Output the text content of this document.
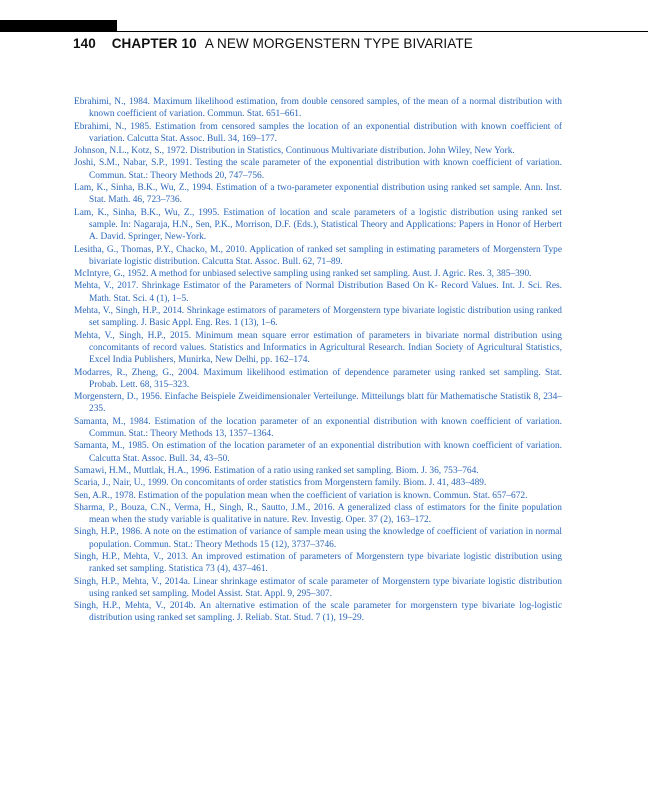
140 CHAPTER 10 A NEW MORGENSTERN TYPE BIVARIATE
Ebrahimi, N., 1984. Maximum likelihood estimation, from double censored samples, of the mean of a normal distribution with known coefficient of variation. Commun. Stat. 651–661.
Ebrahimi, N., 1985. Estimation from censored samples the location of an exponential distribution with known coefficient of variation. Calcutta Stat. Assoc. Bull. 34, 169–177.
Johnson, N.L., Kotz, S., 1972. Distribution in Statistics, Continuous Multivariate distribution. John Wiley, New York.
Joshi, S.M., Nabar, S.P., 1991. Testing the scale parameter of the exponential distribution with known coefficient of variation. Commun. Stat.: Theory Methods 20, 747–756.
Lam, K., Sinha, B.K., Wu, Z., 1994. Estimation of a two-parameter exponential distribution using ranked set sample. Ann. Inst. Stat. Math. 46, 723–736.
Lam, K., Sinha, B.K., Wu, Z., 1995. Estimation of location and scale parameters of a logistic distribution using ranked set sample. In: Nagaraja, H.N., Sen, P.K., Morrison, D.F. (Eds.), Statistical Theory and Applications: Papers in Honor of Herbert A. David. Springer, New-York.
Lesitha, G., Thomas, P.Y., Chacko, M., 2010. Application of ranked set sampling in estimating parameters of Morgenstern Type bivariate logistic distribution. Calcutta Stat. Assoc. Bull. 62, 71–89.
McIntyre, G., 1952. A method for unbiased selective sampling using ranked set sampling. Aust. J. Agric. Res. 3, 385–390.
Mehta, V., 2017. Shrinkage Estimator of the Parameters of Normal Distribution Based On K- Record Values. Int. J. Sci. Res. Math. Stat. Sci. 4 (1), 1–5.
Mehta, V., Singh, H.P., 2014. Shrinkage estimators of parameters of Morgenstern type bivariate logistic distribution using ranked set sampling. J. Basic Appl. Eng. Res. 1 (13), 1–6.
Mehta, V., Singh, H.P., 2015. Minimum mean square error estimation of parameters in bivariate normal distribution using concomitants of record values. Statistics and Informatics in Agricultural Research. Indian Society of Agricultural Statistics, Excel India Publishers, Munirka, New Delhi, pp. 162–174.
Modarres, R., Zheng, G., 2004. Maximum likelihood estimation of dependence parameter using ranked set sampling. Stat. Probab. Lett. 68, 315–323.
Morgenstern, D., 1956. Einfache Beispiele Zweidimensionaler Verteilunge. Mitteilungs blatt für Mathematische Statistik 8, 234–235.
Samanta, M., 1984. Estimation of the location parameter of an exponential distribution with known coefficient of variation. Commun. Stat.: Theory Methods 13, 1357–1364.
Samanta, M., 1985. On estimation of the location parameter of an exponential distribution with known coefficient of variation. Calcutta Stat. Assoc. Bull. 34, 43–50.
Samawi, H.M., Muttlak, H.A., 1996. Estimation of a ratio using ranked set sampling. Biom. J. 36, 753–764.
Scaria, J., Nair, U., 1999. On concomitants of order statistics from Morgenstern family. Biom. J. 41, 483–489.
Sen, A.R., 1978. Estimation of the population mean when the coefficient of variation is known. Commun. Stat. 657–672.
Sharma, P., Bouza, C.N., Verma, H., Singh, R., Sautto, J.M., 2016. A generalized class of estimators for the finite population mean when the study variable is qualitative in nature. Rev. Investig. Oper. 37 (2), 163–172.
Singh, H.P., 1986. A note on the estimation of variance of sample mean using the knowledge of coefficient of variation in normal population. Commun. Stat.: Theory Methods 15 (12), 3737–3746.
Singh, H.P., Mehta, V., 2013. An improved estimation of parameters of Morgenstern type bivariate logistic distribution using ranked set sampling. Statistica 73 (4), 437–461.
Singh, H.P., Mehta, V., 2014a. Linear shrinkage estimator of scale parameter of Morgenstern type bivariate logistic distribution using ranked set sampling. Model Assist. Stat. Appl. 9, 295–307.
Singh, H.P., Mehta, V., 2014b. An alternative estimation of the scale parameter for morgenstern type bivariate log-logistic distribution using ranked set sampling. J. Reliab. Stat. Stud. 7 (1), 19–29.
